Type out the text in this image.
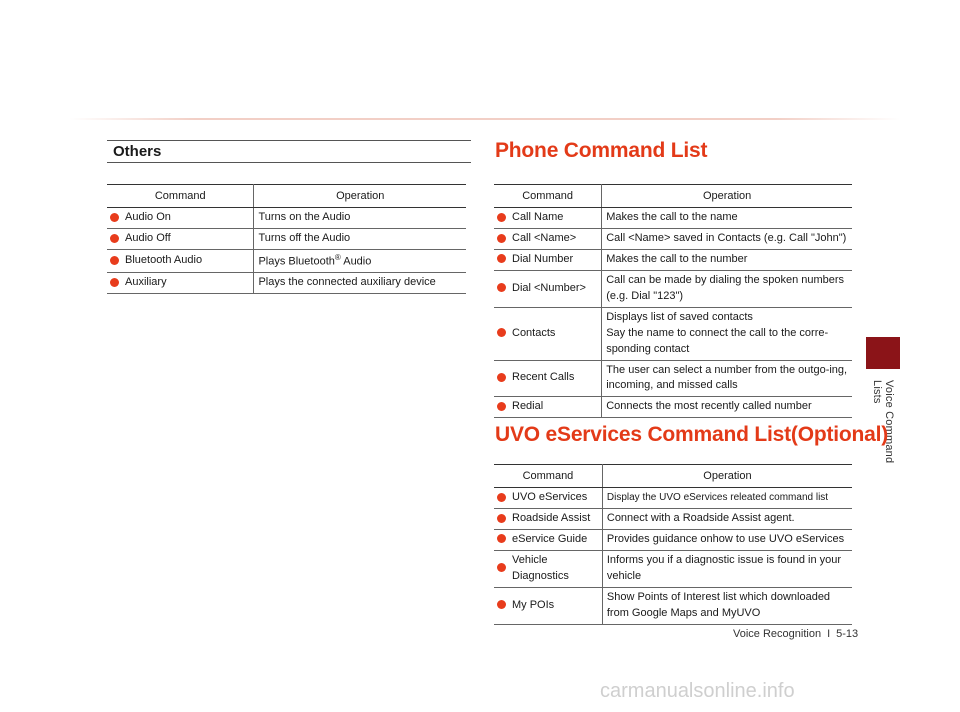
Voice Command Lists
Others
Command		Operation
	Audio On	Turns on the Audio
	Audio Off	Turns off the Audio
	Bluetooth Audio	Plays Bluetooth® Audio
	Auxiliary	Plays the connected auxiliary device
Phone Command List
Command		Operation
	Call Name	Makes the call to the name
	Call <Name>	Call <Name> saved in Contacts (e.g. Call "John")
	Dial Number	Makes the call to the number
	Dial <Number>	Call can be made by dialing the spoken numbers (e.g. Dial "123")
	Contacts	Displays list of saved contacts
Say the name to connect the call to the corre-sponding contact

	Recent Calls	The user can select a number from the outgo-ing, incoming, and missed calls
	Redial	Connects the most recently called number
UVO eServices Command List(Optional)
Command		Operation
	UVO eServices	Display the UVO eServices releated command list
	Roadside Assist	Connect with a Roadside Assist agent.
	eService Guide	Provides guidance onhow to use UVO eServices
	Vehicle Diagnostics	Informs you if a diagnostic issue is found in your vehicle
	My POIs	Show Points of Interest list which downloaded from Google Maps and MyUVO
Voice Recognition I 5-13
carmanualsonline.info
